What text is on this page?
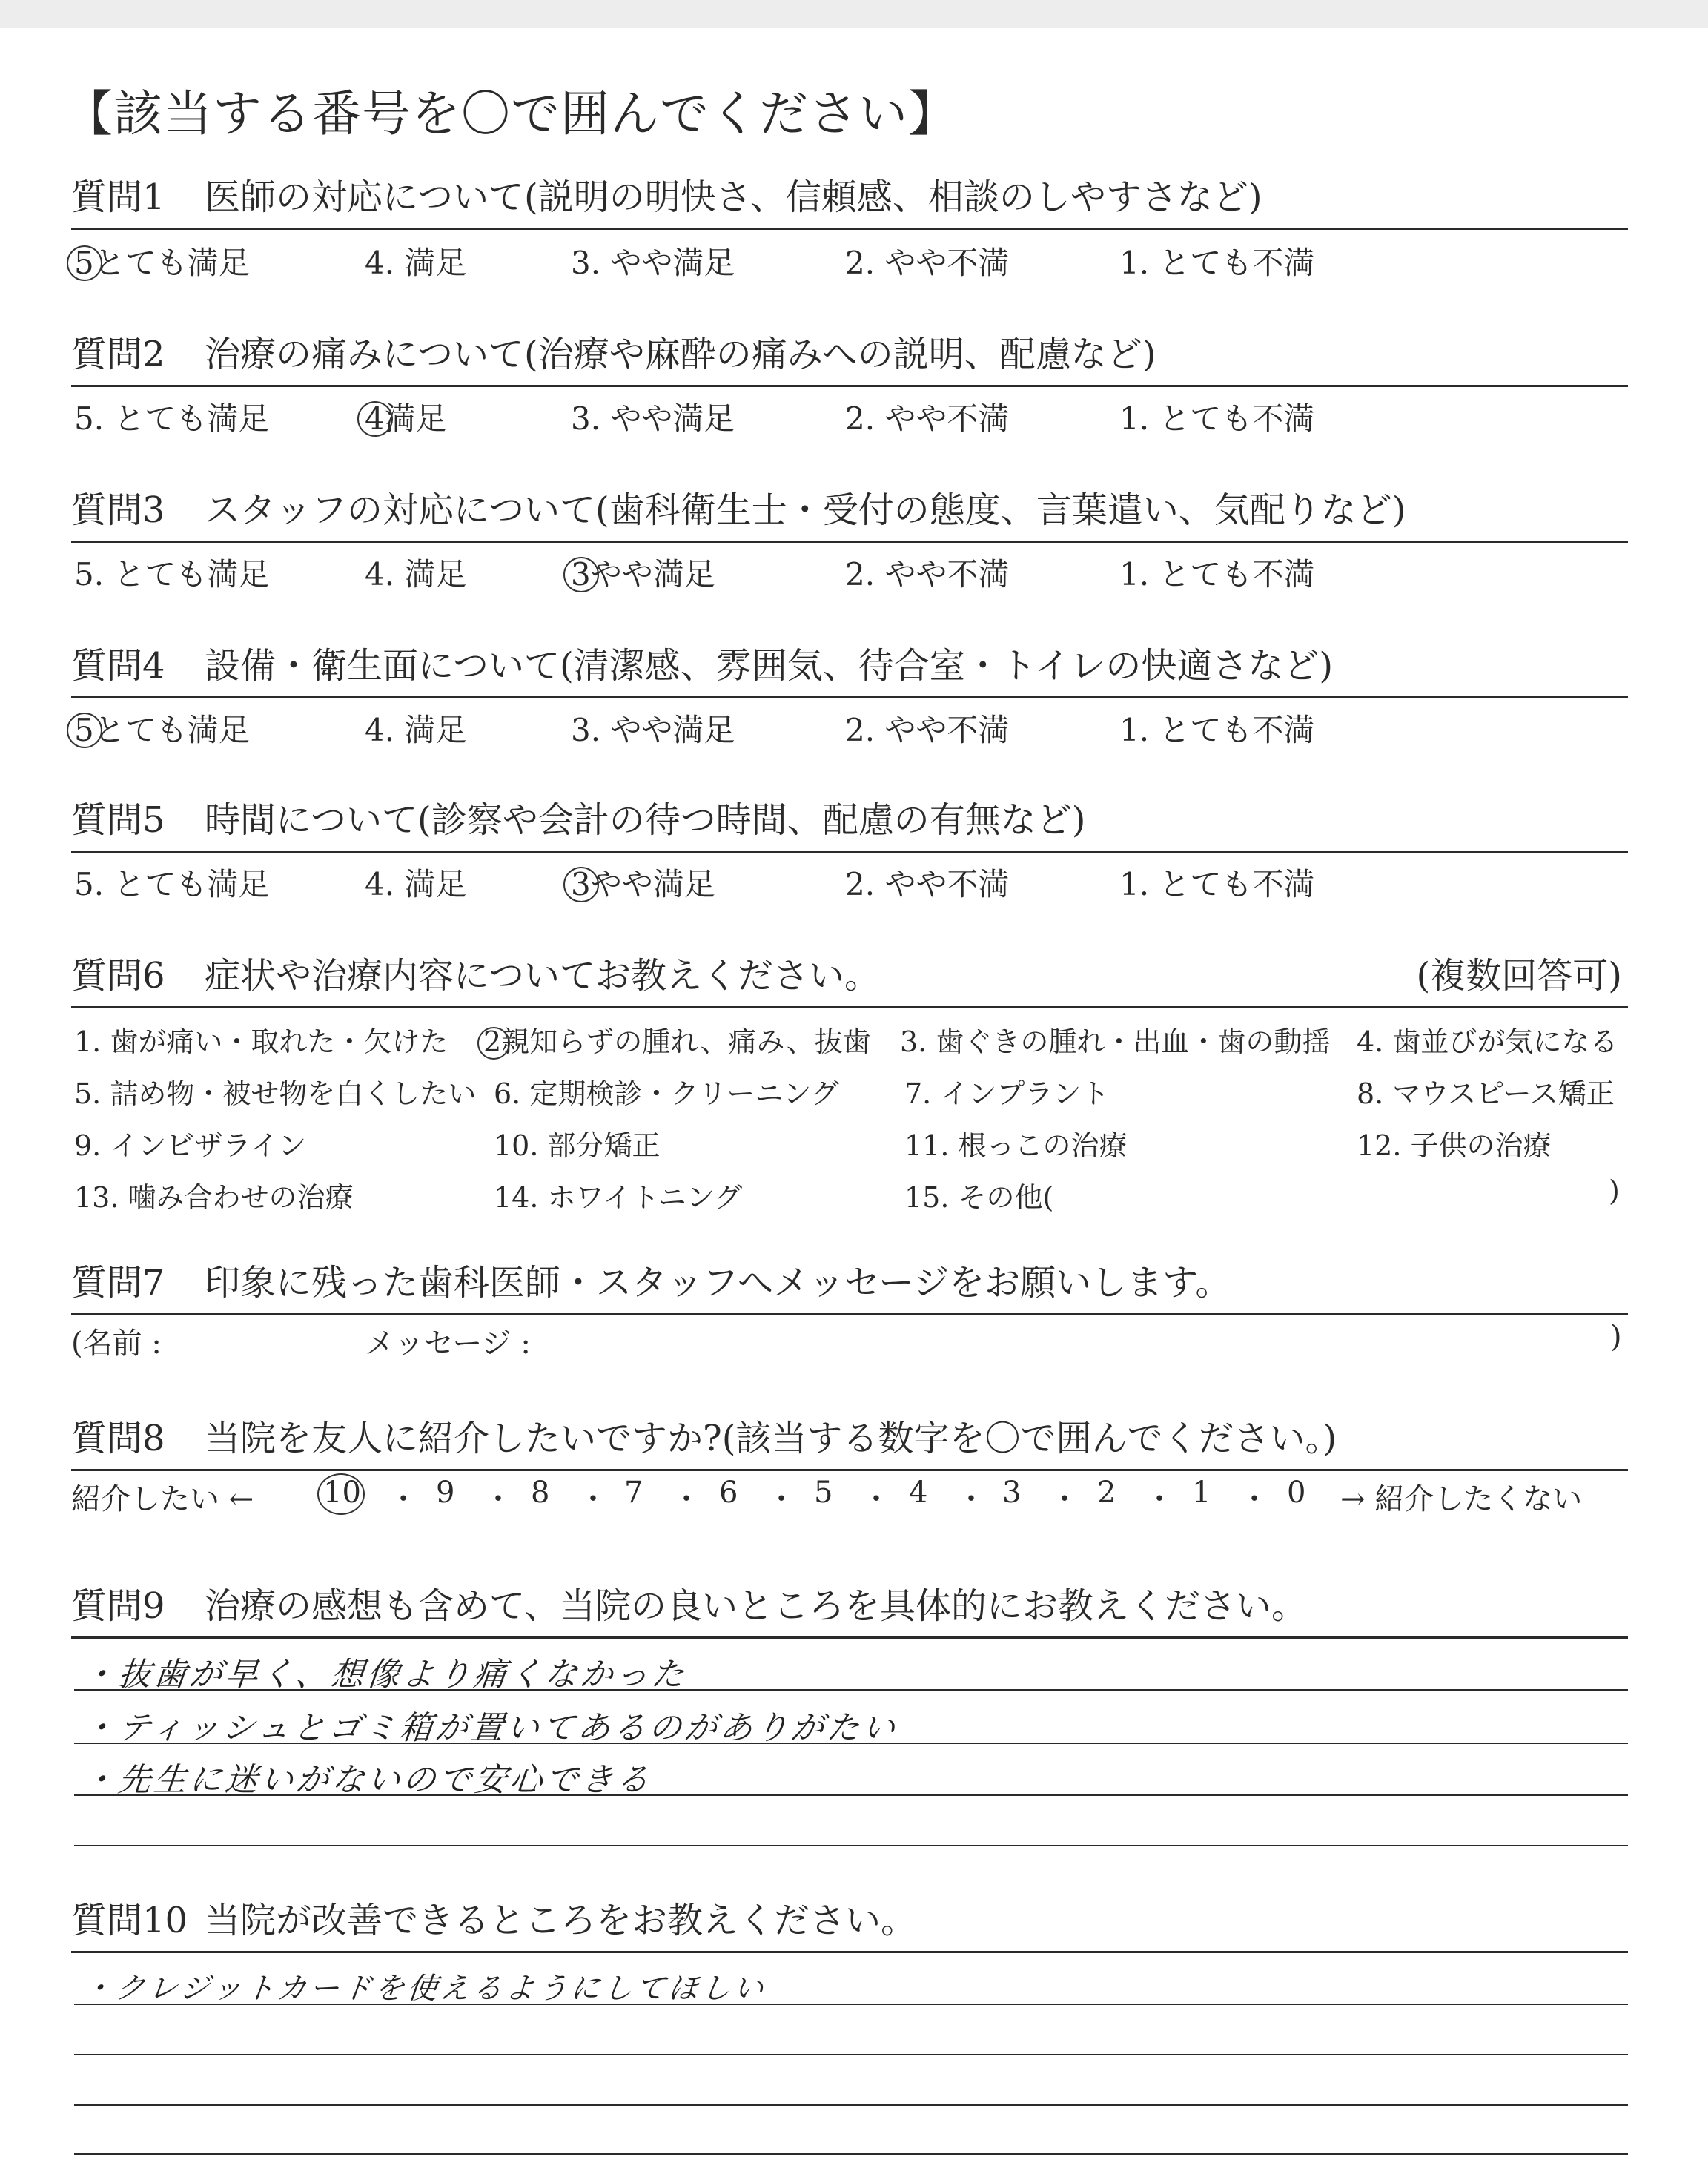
【該当する番号を〇で囲んでください】
質問1	医師の対応について(説明の明快さ、信頼感、相談のしやすさなど)
5とても満足	4. 満足	3. やや満足	2. やや不満	1. とても不満
質問2	治療の痛みについて(治療や麻酔の痛みへの説明、配慮など)
5. とても満足	4満足	3. やや満足	2. やや不満	1. とても不満
質問3	スタッフの対応について(歯科衛生士・受付の態度、言葉遣い、気配りなど)
5. とても満足	4. 満足	3やや満足	2. やや不満	1. とても不満
質問4	設備・衛生面について(清潔感、雰囲気、待合室・トイレの快適さなど)
5とても満足	4. 満足	3. やや満足	2. やや不満	1. とても不満
質問5	時間について(診察や会計の待つ時間、配慮の有無など)
5. とても満足	4. 満足	3やや満足	2. やや不満	1. とても不満
質問6	症状や治療内容についてお教えください。	(複数回答可)
1. 歯が痛い・取れた・欠けた 2親知らずの腫れ、痛み、抜歯 3. 歯ぐきの腫れ・出血・歯の動揺 4. 歯並びが気になる
5. 詰め物・被せ物を白くしたい 6. 定期検診・クリーニング 7. インプラント	8. マウスピース矯正
9. インビザライン	10. 部分矯正	11. 根っこの治療	12. 子供の治療
13. 噛み合わせの治療	14. ホワイトニング	15. その他(	)
質問7	印象に残った歯科医師・スタッフへメッセージをお願いします。
(名前 :	メッセージ :	)
質問8	当院を友人に紹介したいですか?(該当する数字を〇で囲んでください。)
紹介したい ← 10 ・ 9 ・ 8 ・ 7 ・ 6 ・ 5 ・ 4 ・ 3 ・ 2 ・ 1 ・ 0 → 紹介したくない
質問9	治療の感想も含めて、当院の良いところを具体的にお教えください。
・抜歯が早く、想像より痛くなかった
・ティッシュとゴミ箱が置いてあるのがありがたい
・先生に迷いがないので安心できる
質問10 当院が改善できるところをお教えください。
・クレジットカードを使えるようにしてほしい
